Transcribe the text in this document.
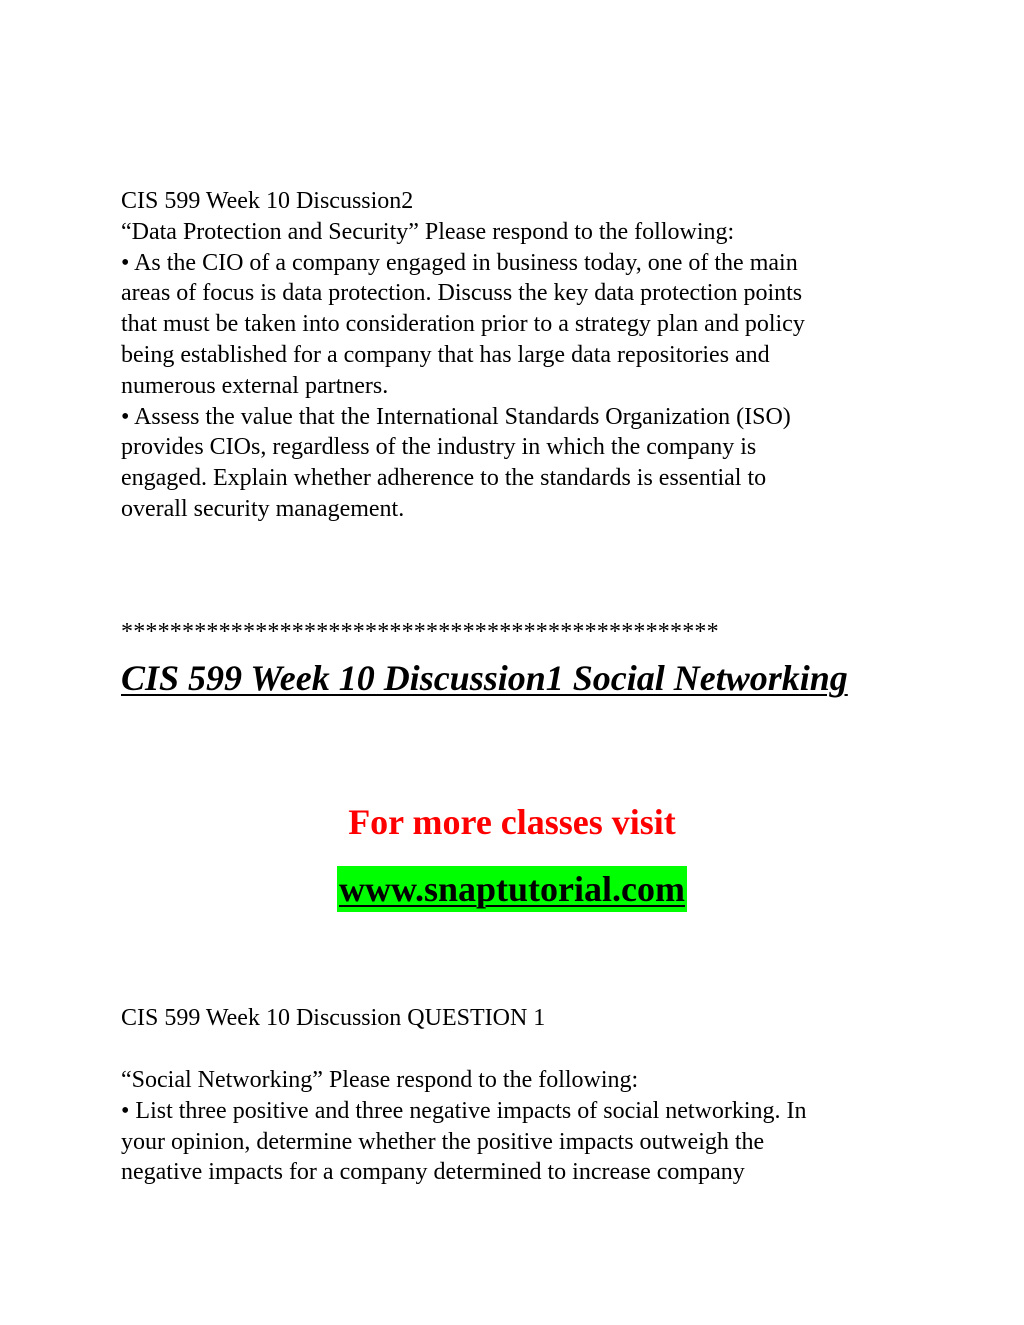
CIS 599 Week 10 Discussion2
“Data Protection and Security” Please respond to the following:
• As the CIO of a company engaged in business today, one of the main
areas of focus is data protection. Discuss the key data protection points
that must be taken into consideration prior to a strategy plan and policy
being established for a company that has large data repositories and
numerous external partners.
• Assess the value that the International Standards Organization (ISO)
provides CIOs, regardless of the industry in which the company is
engaged. Explain whether adherence to the standards is essential to
overall security management.
*************************************************
CIS 599 Week 10 Discussion1 Social Networking
For more classes visit
www.snaptutorial.com
CIS 599 Week 10 Discussion QUESTION 1
“Social Networking” Please respond to the following:
• List three positive and three negative impacts of social networking. In
your opinion, determine whether the positive impacts outweigh the
negative impacts for a company determined to increase company
